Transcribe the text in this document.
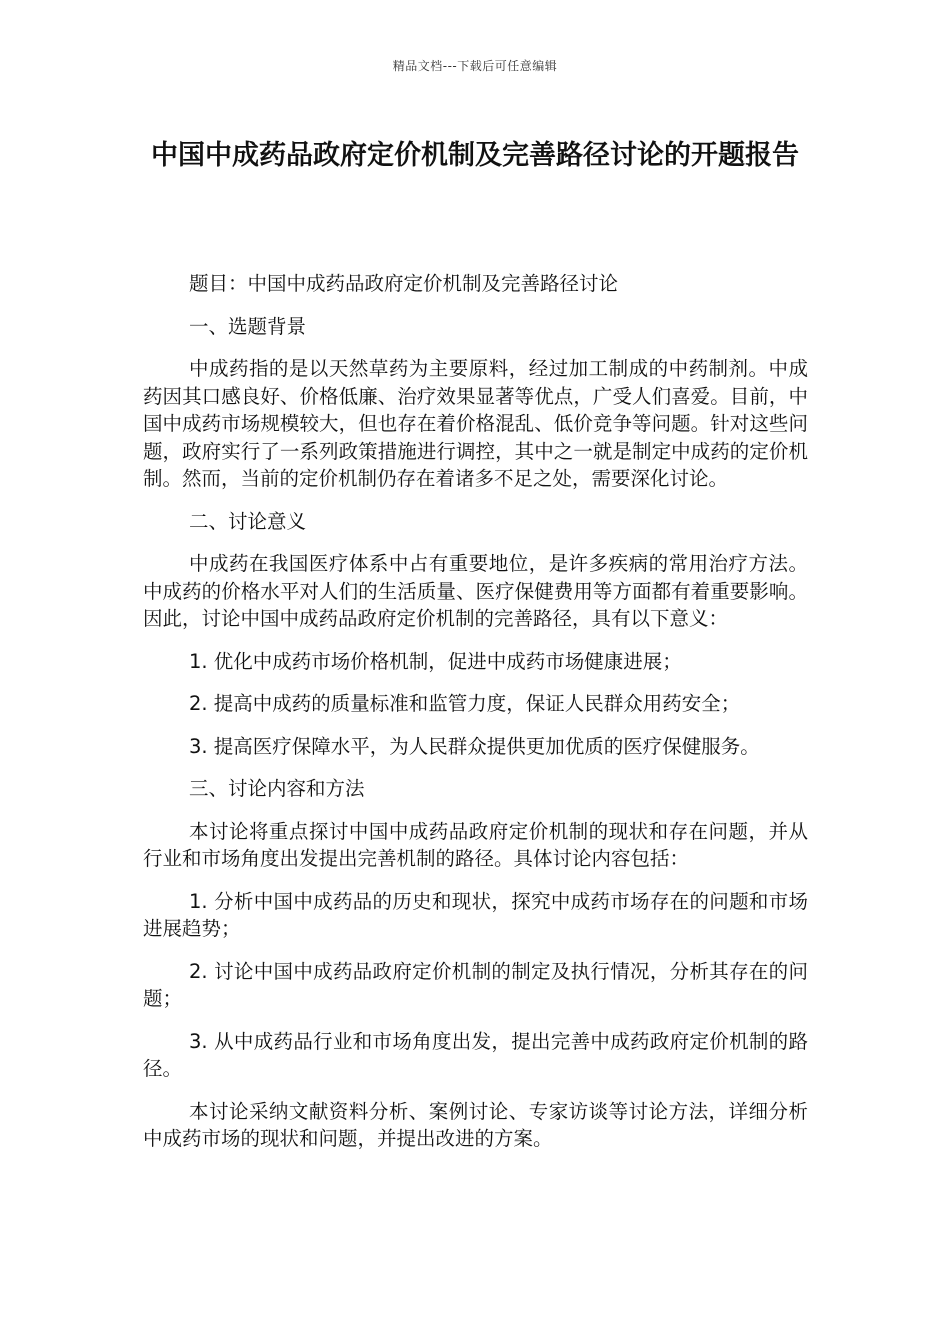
精品文档---下载后可任意编辑
中国中成药品政府定价机制及完善路径讨论的开题报告

题目：中国中成药品政府定价机制及完善路径讨论

一、选题背景

中成药指的是以天然草药为主要原料，经过加工制成的中药制剂。中成药因其口感良好、价格低廉、治疗效果显著等优点，广受人们喜爱。目前，中国中成药市场规模较大，但也存在着价格混乱、低价竞争等问题。针对这些问题，政府实行了一系列政策措施进行调控，其中之一就是制定中成药的定价机制。然而，当前的定价机制仍存在着诸多不足之处，需要深化讨论。

二、讨论意义

中成药在我国医疗体系中占有重要地位，是许多疾病的常用治疗方法。中成药的价格水平对人们的生活质量、医疗保健费用等方面都有着重要影响。因此，讨论中国中成药品政府定价机制的完善路径，具有以下意义：

1. 优化中成药市场价格机制，促进中成药市场健康进展；

2. 提高中成药的质量标准和监管力度，保证人民群众用药安全；

3. 提高医疗保障水平，为人民群众提供更加优质的医疗保健服务。

三、讨论内容和方法

本讨论将重点探讨中国中成药品政府定价机制的现状和存在问题，并从行业和市场角度出发提出完善机制的路径。具体讨论内容包括：

1. 分析中国中成药品的历史和现状，探究中成药市场存在的问题和市场进展趋势；

2. 讨论中国中成药品政府定价机制的制定及执行情况，分析其存在的问题；

3. 从中成药品行业和市场角度出发，提出完善中成药政府定价机制的路径。

本讨论采纳文献资料分析、案例讨论、专家访谈等讨论方法，详细分析中成药市场的现状和问题，并提出改进的方案。
